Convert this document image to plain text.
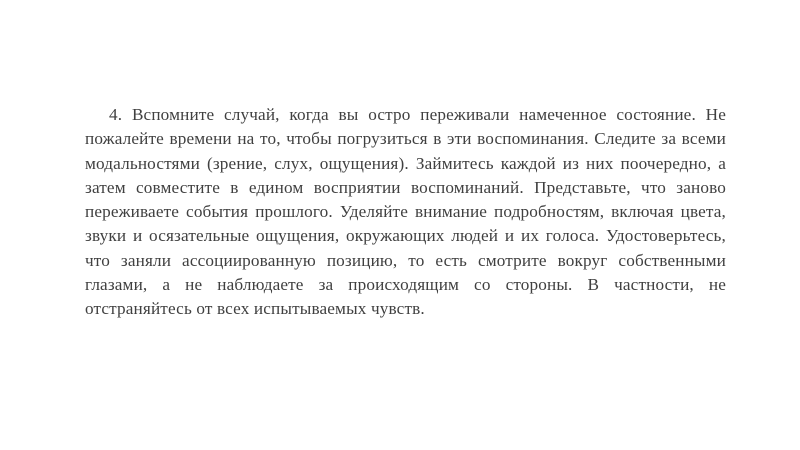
4. Вспомните случай, когда вы остро переживали намеченное состояние. Не пожалейте времени на то, чтобы погрузиться в эти воспоминания. Следите за всеми модальностями (зрение, слух, ощущения). Займитесь каждой из них поочередно, а затем совместите в едином восприятии воспоминаний. Представьте, что заново переживаете события прошлого. Уделяйте внимание подробностям, включая цвета, звуки и осязательные ощущения, окружающих людей и их голоса. Удостоверьтесь, что заняли ассоциированную позицию, то есть смотрите вокруг собственными глазами, а не наблюдаете за происходящим со стороны. В частности, не отстраняйтесь от всех испытываемых чувств.
